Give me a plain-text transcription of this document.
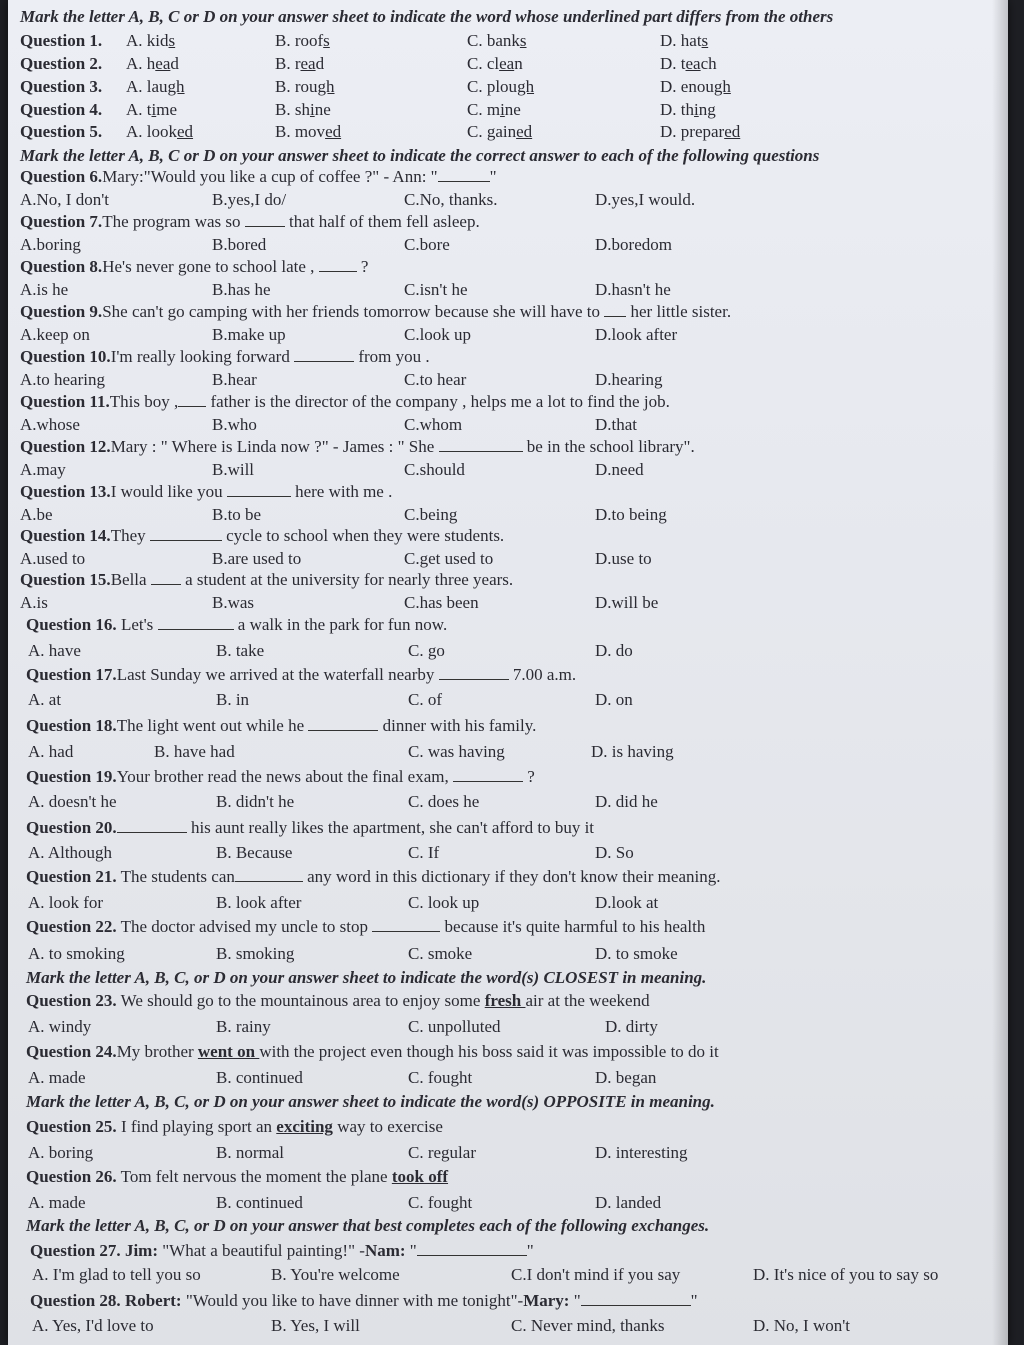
Mark the letter A, B, C or D on your answer sheet to indicate the word whose underlined part differs from the others
Question 1. A. kids	B. roofs	C. banks	D. hats
Question 2. A. head	B. read	C. clean	D. teach
Question 3. A. laugh	B. rough	C. plough	D. enough
Question 4. A. time	B. shine	C. mine	D. thing
Question 5. A. looked	B. moved	C. gained	D. prepared
Mark the letter A, B, C or D on your answer sheet to indicate the correct answer to each of the following questions
Question 6.Mary:"Would you like a cup of coffee ?" - Ann: "	"
A.No, I don't	B.yes,I do/	C.No, thanks.	D.yes,I would.
Question 7.The program was so  that half of them fell asleep.
A.boring	B.bored	C.bore	D.boredom
Question 8.He's never gone to school late ,  ?
A.is he	B.has he	C.isn't he	D.hasn't he
Question 9.She can't go camping with her friends tomorrow because she will have to  her little sister.
A.keep on	B.make up	C.look up	D.look after
Question 10.I'm really looking forward	from you .
A.to hearing	B.hear	C.to hear	D.hearing
Question 11.This boy , father is the director of the company , helps me a lot to find the job.
A.whose	B.who	C.whom	D.that
Question 12.Mary : " Where is Linda now ?" - James : " She	be in the school library".
A.may	B.will	C.should	D.need
Question 13.I would like you	here with me .
A.be	B.to be	C.being	D.to being
Question 14.They	cycle to school when they were students.
A.used to	B.are used to	C.get used to	D.use to
Question 15.Bella  a student at the university for nearly three years.
A.is	B.was	C.has been	D.will be
Question 16. Let's	a walk in the park for fun now.
A. have	B. take	C. go	D. do
Question 17.Last Sunday we arrived at the waterfall nearby	7.00 a.m.
A. at	B. in	C. of	D. on
Question 18.The light went out while he	dinner with his family.
A. had	B. have had	C. was having	D. is having
Question 19.Your brother read the news about the final exam,	?
A. doesn't he	B. didn't he	C. does he	D. did he
Question 20.	his aunt really likes the apartment, she can't afford to buy it
A. Although	B. Because	C. If	D. So
Question 21. The students can	any word in this dictionary if they don't know their meaning.
A. look for	B. look after	C. look up	D.look at
Question 22. The doctor advised my uncle to stop	because it's quite harmful to his health
A. to smoking	B. smoking	C. smoke	D. to smoke
Mark the letter A, B, C, or D on your answer sheet to indicate the word(s) CLOSEST in meaning.
Question 23. We should go to the mountainous area to enjoy some fresh air at the weekend
A. windy	B. rainy	C. unpolluted	D. dirty
Question 24.My brother went on with the project even though his boss said it was impossible to do it
A. made	B. continued	C. fought	D. began
Mark the letter A, B, C, or D on your answer sheet to indicate the word(s) OPPOSITE in meaning.
Question 25. I find playing sport an exciting way to exercise
A. boring	B. normal	C. regular	D. interesting
Question 26. Tom felt nervous the moment the plane took off
A. made	B. continued	C. fought	D. landed
Mark the letter A, B, C, or D on your answer that best completes each of the following exchanges.
Question 27. Jim: "What a beautiful painting!" -Nam: "	"
A. I'm glad to tell you so	B. You're welcome	C.I don't mind if you say	D. It's nice of you to say so
Question 28. Robert: "Would you like to have dinner with me tonight"-Mary: "	"
A. Yes, I'd love to	B. Yes, I will	C. Never mind, thanks	D. No, I won't
